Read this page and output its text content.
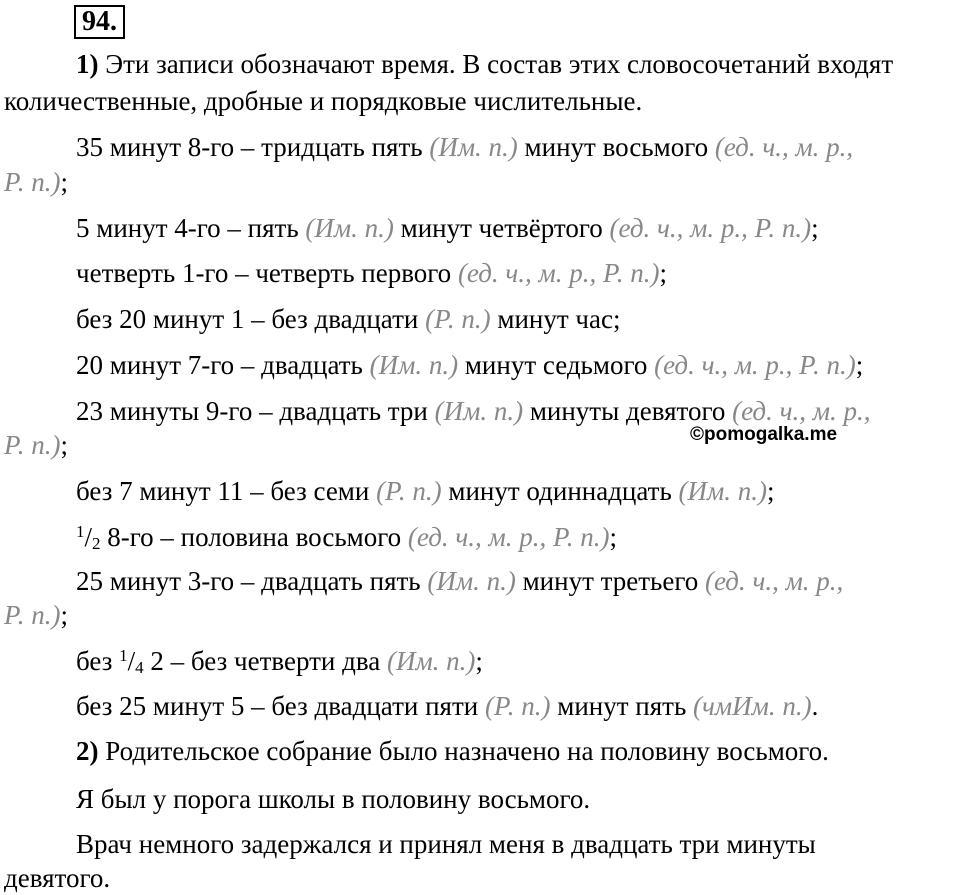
94.
1) Эти записи обозначают время. В состав этих словосочетаний входят
количественные, дробные и порядковые числительные.
35 минут 8-го – тридцать пять (Им. п.) минут восьмого (ед. ч., м. р.,
Р. п.);
5 минут 4-го – пять (Им. п.) минут четвёртого (ед. ч., м. р., Р. п.);
четверть 1-го – четверть первого (ед. ч., м. р., Р. п.);
без 20 минут 1 – без двадцати (Р. п.) минут час;
20 минут 7-го – двадцать (Им. п.) минут седьмого (ед. ч., м. р., Р. п.);
23 минуты 9-го – двадцать три (Им. п.) минуты девятого (ед. ч., м. р.,
Р. п.);	©pomogalka.me
без 7 минут 11 – без семи (Р. п.) минут одиннадцать (Им. п.);
$^1/_2$ 8-го – половина восьмого (ед. ч., м. р., Р. п.);
25 минут 3-го – двадцать пять (Им. п.) минут третьего (ед. ч., м. р.,
Р. п.);
без $^1/_4$ 2 – без четверти два (Им. п.);
без 25 минут 5 – без двадцати пяти (Р. п.) минут пять (чмИм. п.).
2) Родительское собрание было назначено на половину восьмого.
Я был у порога школы в половину восьмого.
Врач немного задержался и принял меня в двадцать три минуты
девятого.
